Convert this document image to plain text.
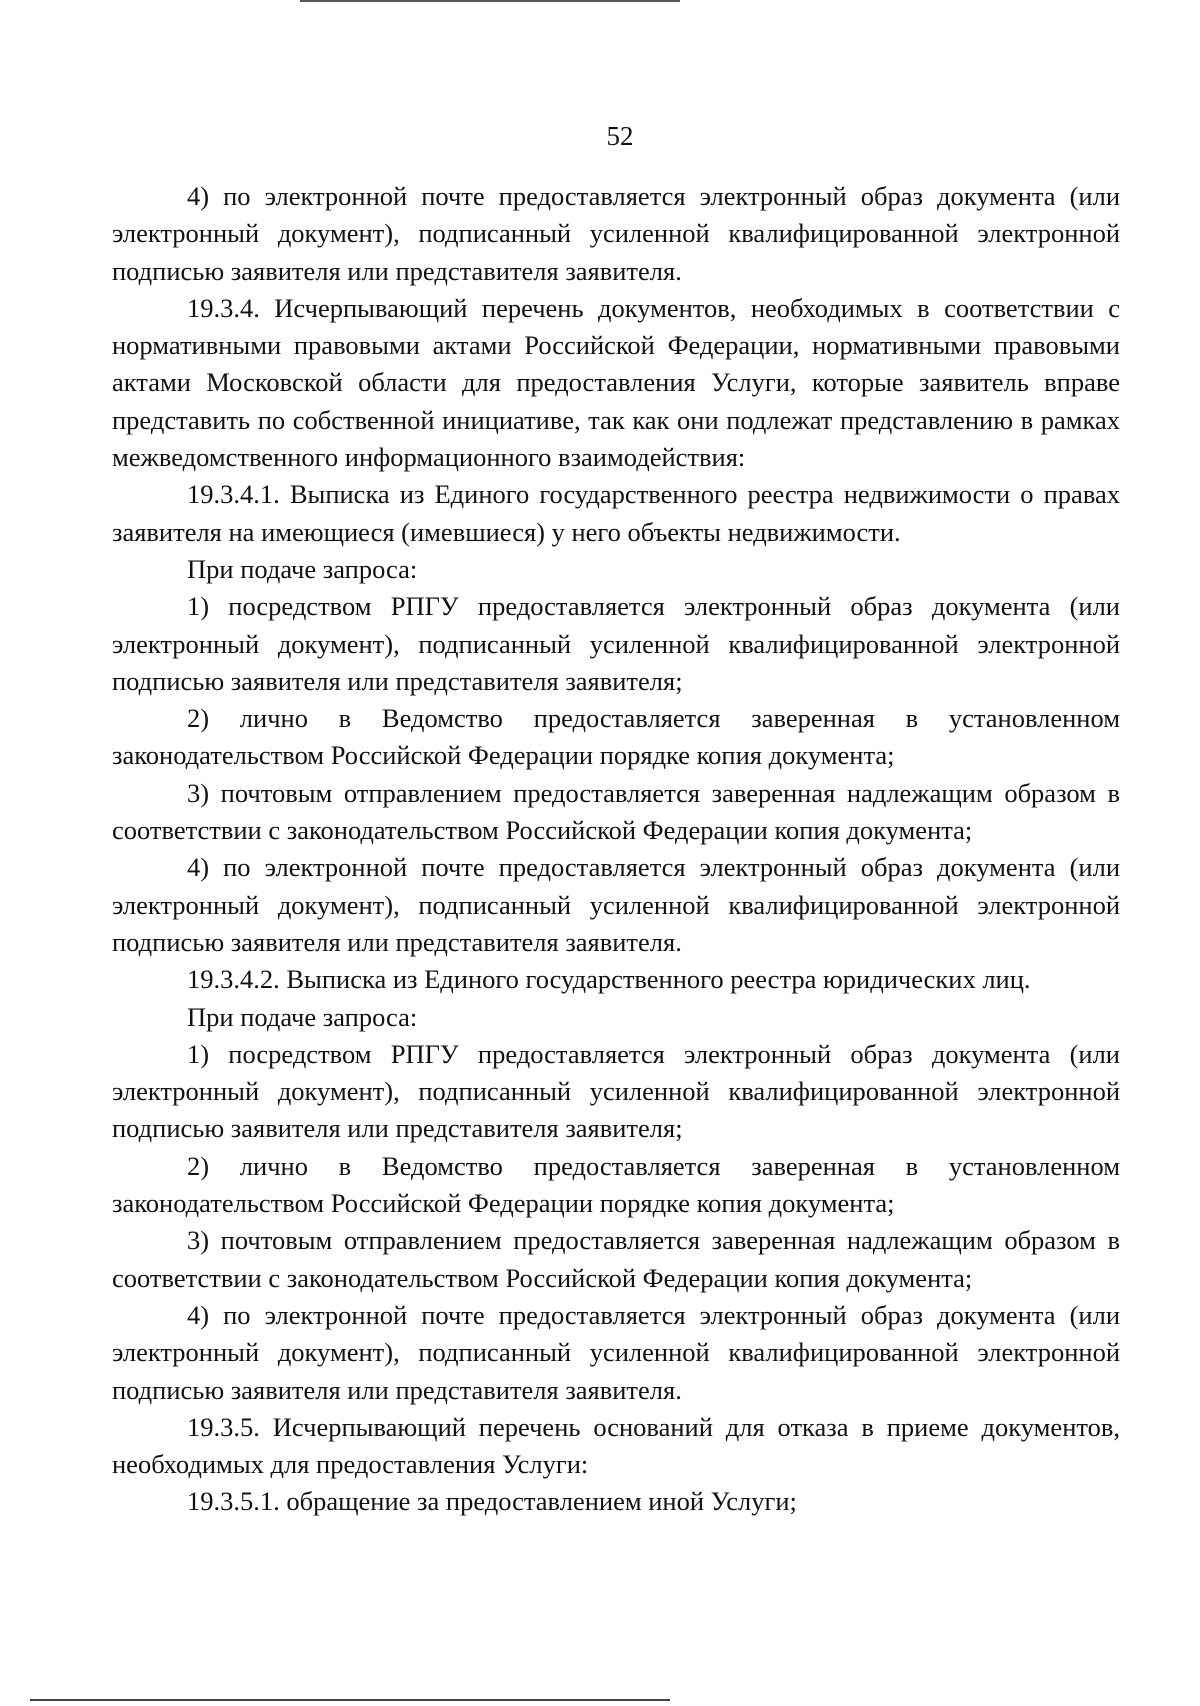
52

4) по электронной почте предоставляется электронный образ документа (или электронный документ), подписанный усиленной квалифицированной электронной подписью заявителя или представителя заявителя.

19.3.4. Исчерпывающий перечень документов, необходимых в соответствии с нормативными правовыми актами Российской Федерации, нормативными правовыми актами Московской области для предоставления Услуги, которые заявитель вправе представить по собственной инициативе, так как они подлежат представлению в рамках межведомственного информационного взаимодействия:

19.3.4.1. Выписка из Единого государственного реестра недвижимости о правах заявителя на имеющиеся (имевшиеся) у него объекты недвижимости.

При подаче запроса:

1) посредством РПГУ предоставляется электронный образ документа (или электронный документ), подписанный усиленной квалифицированной электронной подписью заявителя или представителя заявителя;

2) лично в Ведомство предоставляется заверенная в установленном законодательством Российской Федерации порядке копия документа;

3) почтовым отправлением предоставляется заверенная надлежащим образом в соответствии с законодательством Российской Федерации копия документа;

4) по электронной почте предоставляется электронный образ документа (или электронный документ), подписанный усиленной квалифицированной электронной подписью заявителя или представителя заявителя.

19.3.4.2. Выписка из Единого государственного реестра юридических лиц.

При подаче запроса:

1) посредством РПГУ предоставляется электронный образ документа (или электронный документ), подписанный усиленной квалифицированной электронной подписью заявителя или представителя заявителя;

2) лично в Ведомство предоставляется заверенная в установленном законодательством Российской Федерации порядке копия документа;

3) почтовым отправлением предоставляется заверенная надлежащим образом в соответствии с законодательством Российской Федерации копия документа;

4) по электронной почте предоставляется электронный образ документа (или электронный документ), подписанный усиленной квалифицированной электронной подписью заявителя или представителя заявителя.

19.3.5. Исчерпывающий перечень оснований для отказа в приеме документов, необходимых для предоставления Услуги:

19.3.5.1. обращение за предоставлением иной Услуги;
